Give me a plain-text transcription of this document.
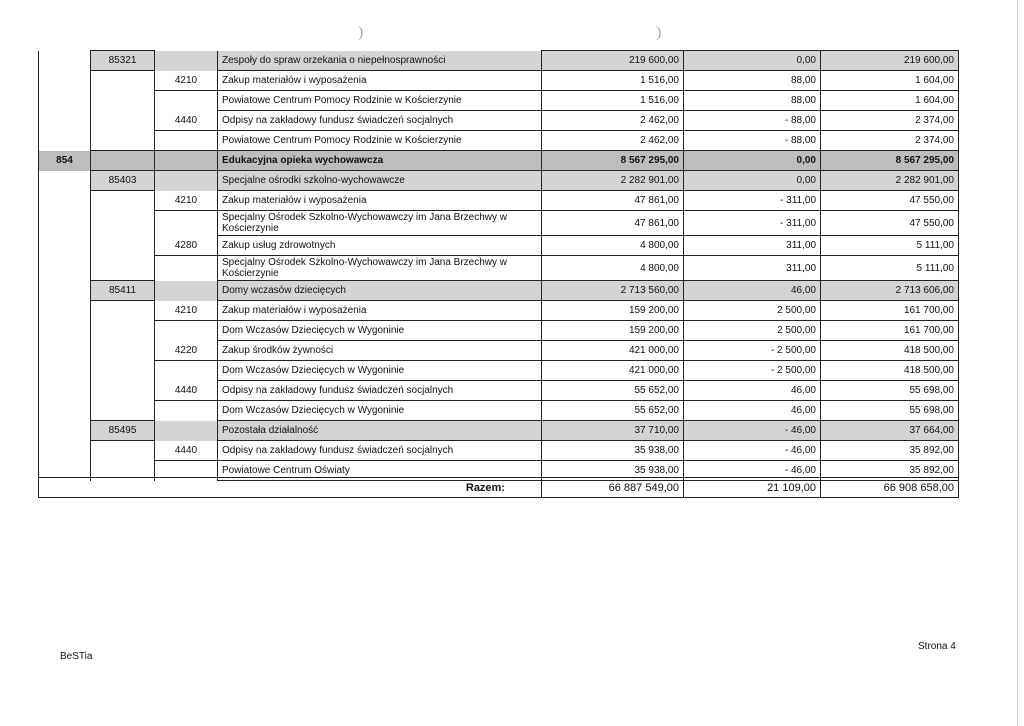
)	)
	85321		Zespoły do spraw orzekania o niepełnosprawności	219 600,00	0,00	219 600,00
		4210	Zakup materiałów i wyposażenia	1 516,00	88,00	1 604,00
			Powiatowe Centrum Pomocy Rodzinie w Kościerzynie	1 516,00	88,00	1 604,00
		4440	Odpisy na zakładowy fundusz świadczeń socjalnych	2 462,00	- 88,00	2 374,00
			Powiatowe Centrum Pomocy Rodzinie w Kościerzynie	2 462,00	- 88,00	2 374,00
854			Edukacyjna opieka wychowawcza	8 567 295,00	0,00	8 567 295,00
	85403		Specjalne ośrodki szkolno-wychowawcze	2 282 901,00	0,00	2 282 901,00
		4210	Zakup materiałów i wyposażenia	47 861,00	- 311,00	47 550,00
			Specjalny Ośrodek Szkolno-Wychowawczy im Jana Brzechwy w Kościerzynie	47 861,00	- 311,00	47 550,00
		4280	Zakup usług zdrowotnych	4 800,00	311,00	5 111,00
			Specjalny Ośrodek Szkolno-Wychowawczy im Jana Brzechwy w Kościerzynie	4 800,00	311,00	5 111,00
	85411		Domy wczasów dziecięcych	2 713 560,00	46,00	2 713 606,00
		4210	Zakup materiałów i wyposażenia	159 200,00	2 500,00	161 700,00
			Dom Wczasów Dziecięcych w Wygoninie	159 200,00	2 500,00	161 700,00
		4220	Zakup środków żywności	421 000,00	- 2 500,00	418 500,00
			Dom Wczasów Dziecięcych w Wygoninie	421 000,00	- 2 500,00	418 500,00
		4440	Odpisy na zakładowy fundusz świadczeń socjalnych	55 652,00	46,00	55 698,00
			Dom Wczasów Dziecięcych w Wygoninie	55 652,00	46,00	55 698,00
	85495		Pozostała działalność	37 710,00	- 46,00	37 664,00
		4440	Odpisy na zakładowy fundusz świadczeń socjalnych	35 938,00	- 46,00	35 892,00
			Powiatowe Centrum Oświaty	35 938,00	- 46,00	35 892,00
Razem:	66 887 549,00	21 109,00	66 908 658,00
BeSTia
Strona 4
